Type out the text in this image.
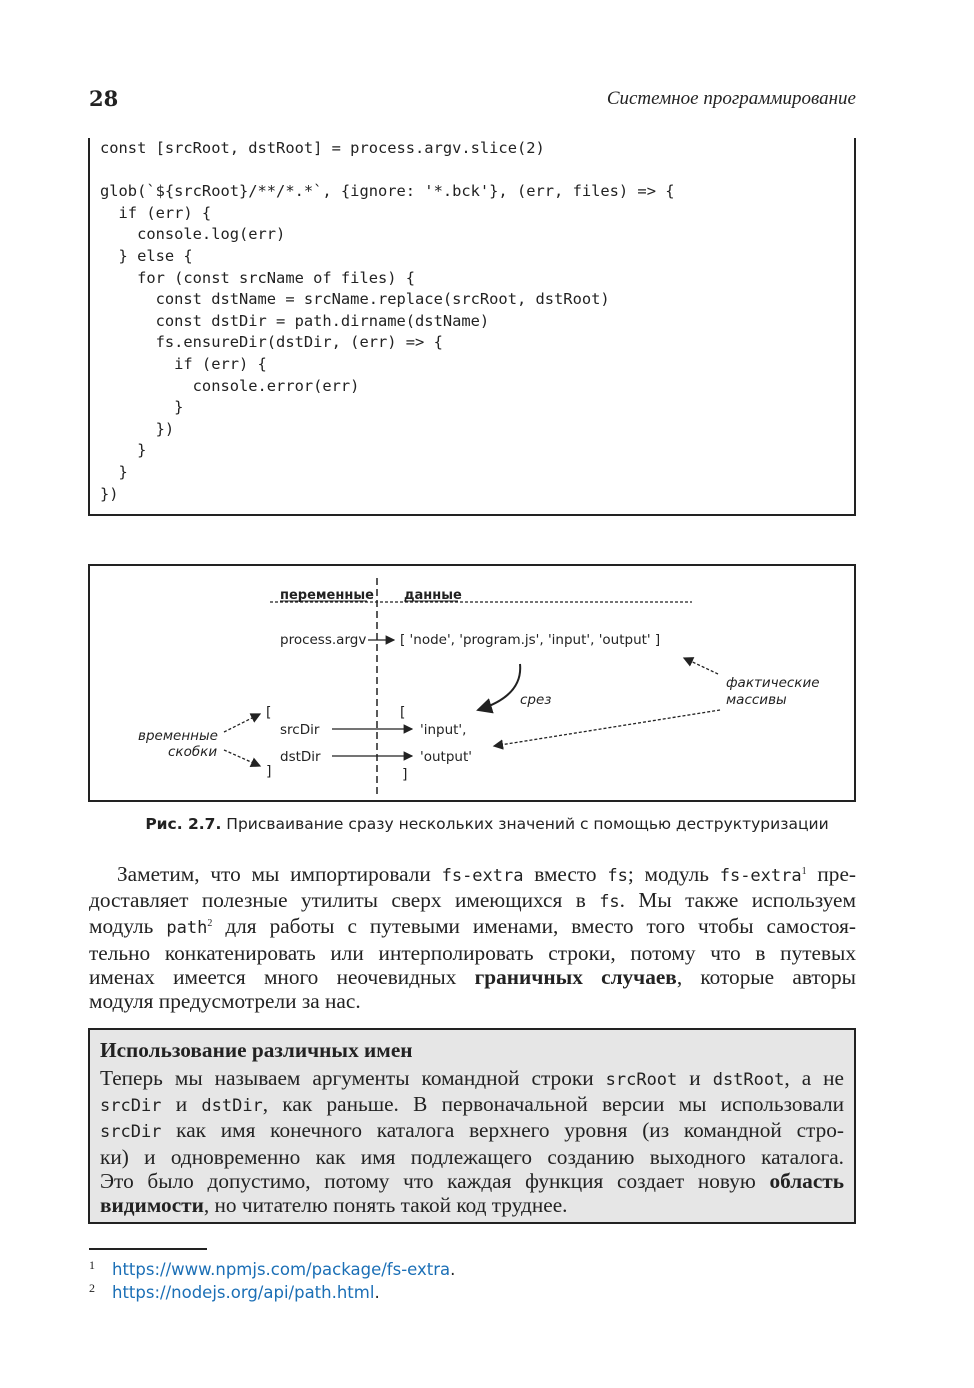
28	Системное программирование
const [srcRoot, dstRoot] = process.argv.slice(2)

glob(`${srcRoot}/**/*.*`, {ignore: '*.bck'}, (err, files) => {
if (err) {
console.log(err)
} else {
for (const srcName of files) {
const dstName = srcName.replace(srcRoot, dstRoot)
const dstDir = path.dirname(dstName)
fs.ensureDir(dstDir, (err) => {
if (err) {
console.error(err)
}
})
}
}
})
переменные данные
process.argv [ 'node', 'program.js', 'input', 'output' ]
срез
фактические
массивы
[
]
[
]
временные
скобки
srcDir	'input',
dstDir	'output'
Рис. 2.7. Присваивание сразу нескольких значений с помощью деструктуризации
Заметим, что мы импортировали fs-extra вместо fs; модуль fs-extra$^1$ пре-
доставляет полезные утилиты сверх имеющихся в fs. Мы также используем
модуль path$^2$ для работы с путевыми именами, вместо того чтобы самостоя-
тельно конкатенировать или интерполировать строки, потому что в путевых
именах имеется много неочевидных граничных случаев, которые авторы
модуля предусмотрели за нас.
Использование различных имен
Теперь мы называем аргументы командной строки srcRoot и dstRoot, а не
srcDir и dstDir, как раньше. В первоначальной версии мы использовали
srcDir как имя конечного каталога верхнего уровня (из командной стро-
ки) и одновременно как имя подлежащего созданию выходного каталога.
Это было допустимо, потому что каждая функция создает новую область
видимости, но читателю понять такой код труднее.
1 https://www.npmjs.com/package/fs-extra.
2 https://nodejs.org/api/path.html.
